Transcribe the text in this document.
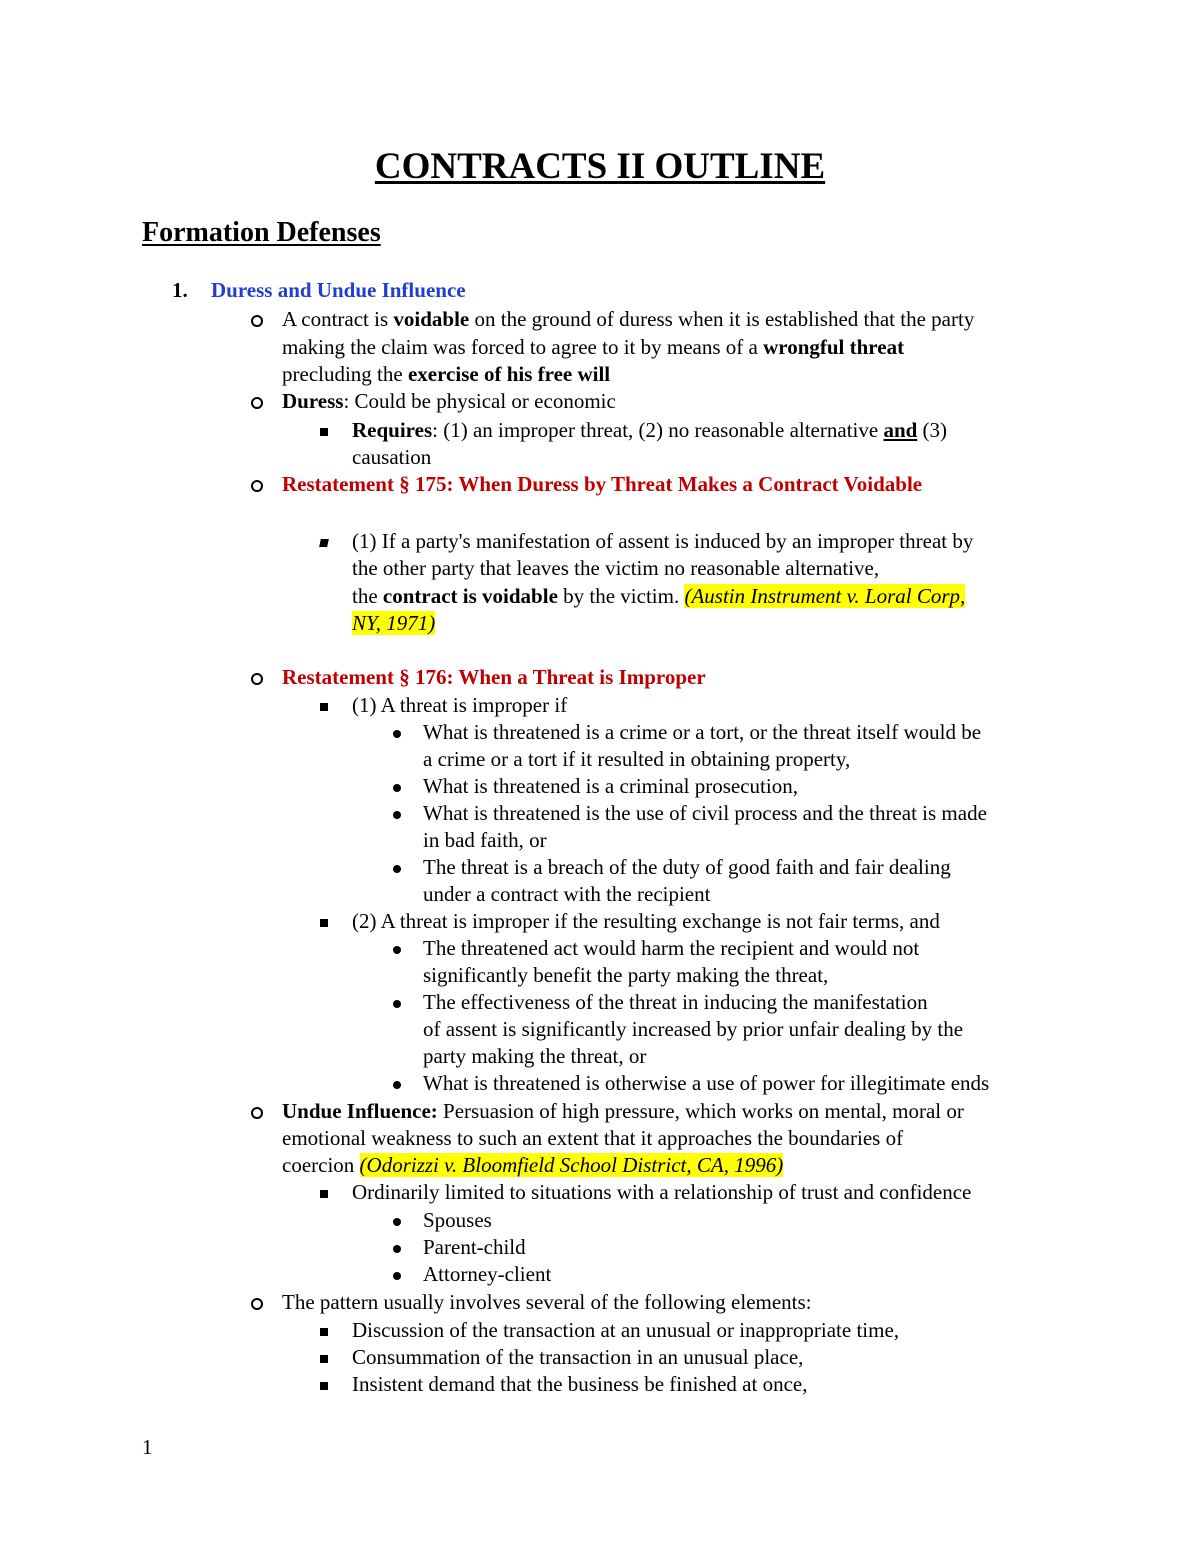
CONTRACTS II OUTLINE
Formation Defenses
1. Duress and Undue Influence
A contract is voidable on the ground of duress when it is established that the party
making the claim was forced to agree to it by means of a wrongful threat
precluding the exercise of his free will
Duress: Could be physical or economic
Requires: (1) an improper threat, (2) no reasonable alternative and (3)
causation
Restatement § 175: When Duress by Threat Makes a Contract Voidable
(1) If a party's manifestation of assent is induced by an improper threat by
the other party that leaves the victim no reasonable alternative,
the contract is voidable by the victim. (Austin Instrument v. Loral Corp,
NY, 1971)
Restatement § 176: When a Threat is Improper
(1) A threat is improper if
What is threatened is a crime or a tort, or the threat itself would be
a crime or a tort if it resulted in obtaining property,
What is threatened is a criminal prosecution,
What is threatened is the use of civil process and the threat is made
in bad faith, or
The threat is a breach of the duty of good faith and fair dealing
under a contract with the recipient
(2) A threat is improper if the resulting exchange is not fair terms, and
The threatened act would harm the recipient and would not
significantly benefit the party making the threat,
The effectiveness of the threat in inducing the manifestation
of assent is significantly increased by prior unfair dealing by the
party making the threat, or
What is threatened is otherwise a use of power for illegitimate ends
Undue Influence: Persuasion of high pressure, which works on mental, moral or
emotional weakness to such an extent that it approaches the boundaries of
coercion (Odorizzi v. Bloomfield School District, CA, 1996)
Ordinarily limited to situations with a relationship of trust and confidence
Spouses
Parent-child
Attorney-client
The pattern usually involves several of the following elements:
Discussion of the transaction at an unusual or inappropriate time,
Consummation of the transaction in an unusual place,
Insistent demand that the business be finished at once,
1
